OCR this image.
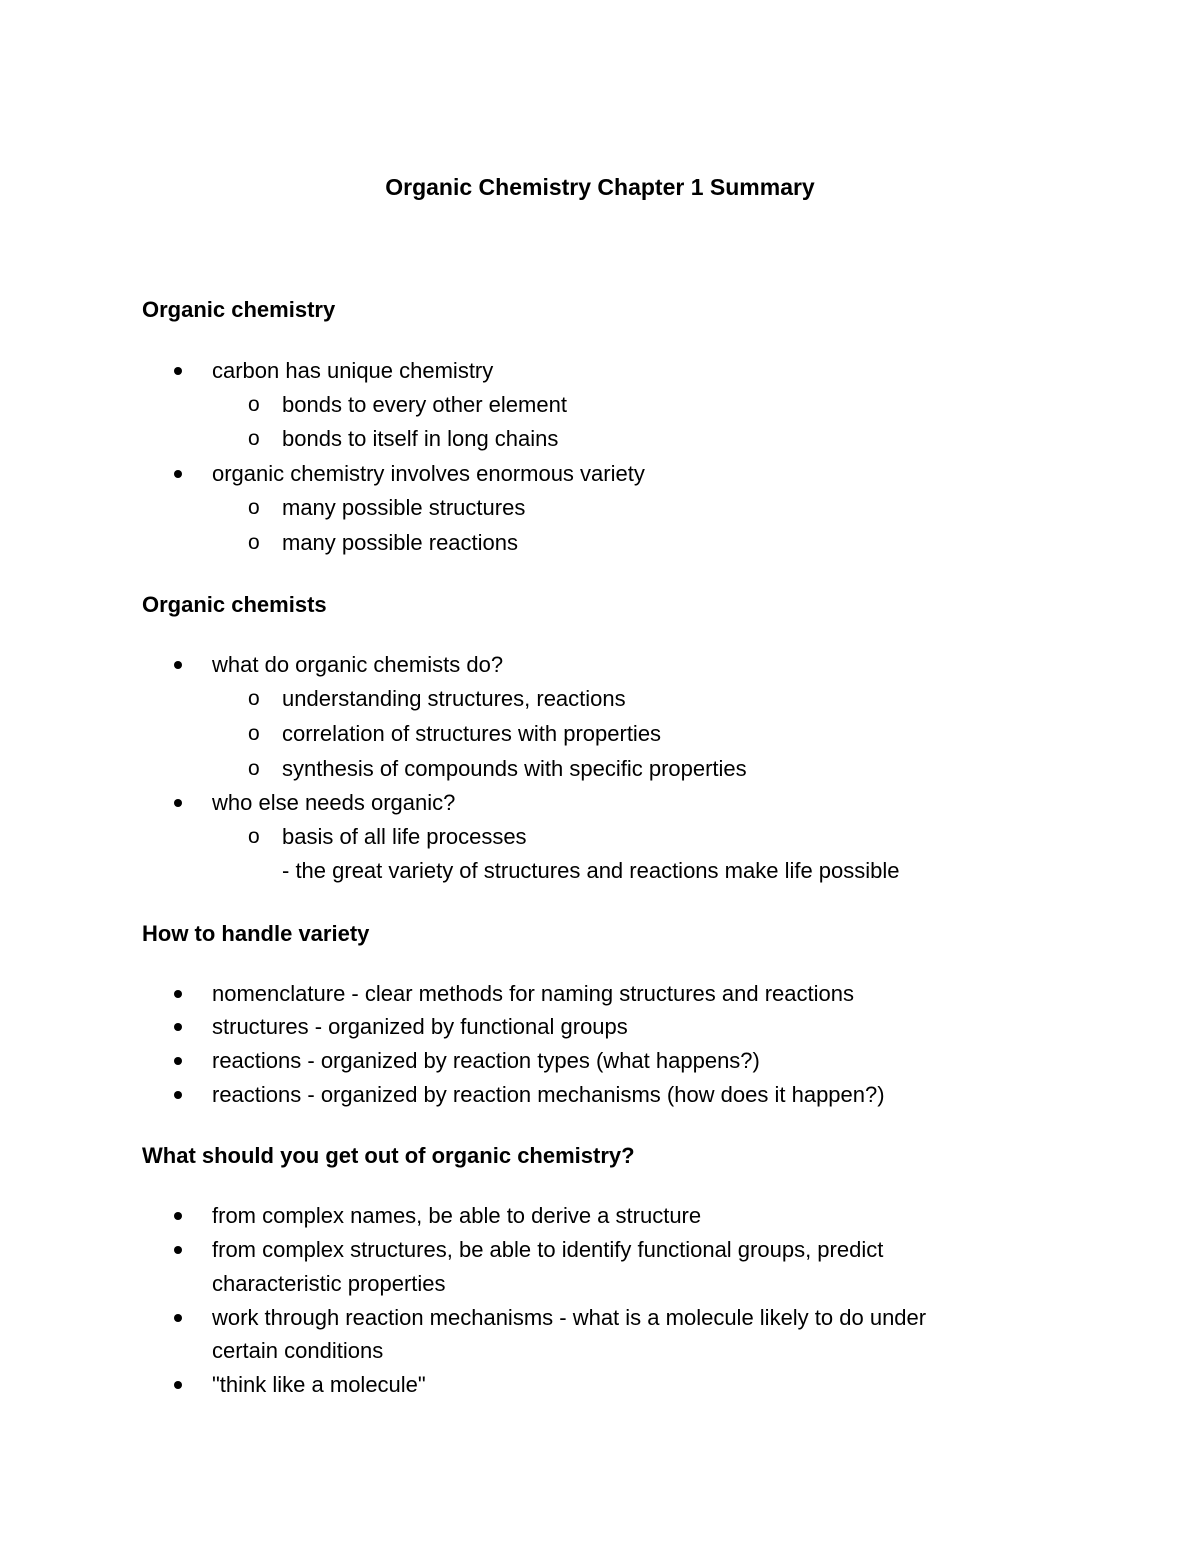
Organic Chemistry Chapter 1 Summary
Organic chemistry
carbon has unique chemistry
o bonds to every other element
o bonds to itself in long chains
organic chemistry involves enormous variety
o many possible structures
o many possible reactions
Organic chemists
what do organic chemists do?
o understanding structures, reactions
o correlation of structures with properties
o synthesis of compounds with specific properties
who else needs organic?
o basis of all life processes
- the great variety of structures and reactions make life possible
How to handle variety
nomenclature - clear methods for naming structures and reactions
structures - organized by functional groups
reactions - organized by reaction types (what happens?)
reactions - organized by reaction mechanisms (how does it happen?)
What should you get out of organic chemistry?
from complex names, be able to derive a structure
from complex structures, be able to identify functional groups, predict
characteristic properties
work through reaction mechanisms - what is a molecule likely to do under
certain conditions
"think like a molecule"
